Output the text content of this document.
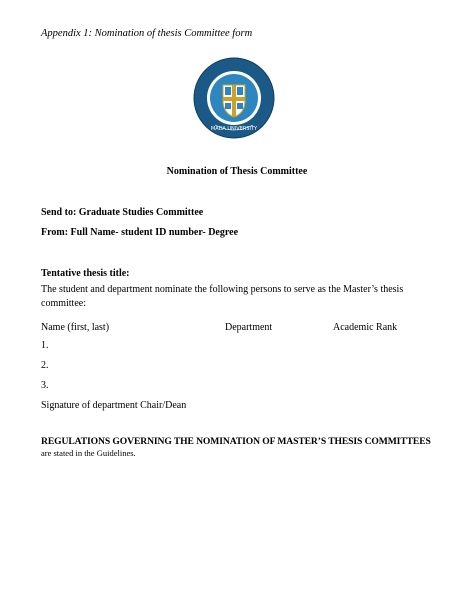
Appendix 1: Nomination of thesis Committee form
MADA UNIVERSITY
Nomination of Thesis Committee
Send to: Graduate Studies Committee
From: Full Name- student ID number- Degree
Tentative thesis title:
The student and department nominate the following persons to serve as the Master’s thesis committee:
Name (first, last)	Department	Academic Rank
1.
2.
3.
Signature of department Chair/Dean
REGULATIONS GOVERNING THE NOMINATION OF MASTER’S THESIS COMMITTEES
are stated in the Guidelines.
